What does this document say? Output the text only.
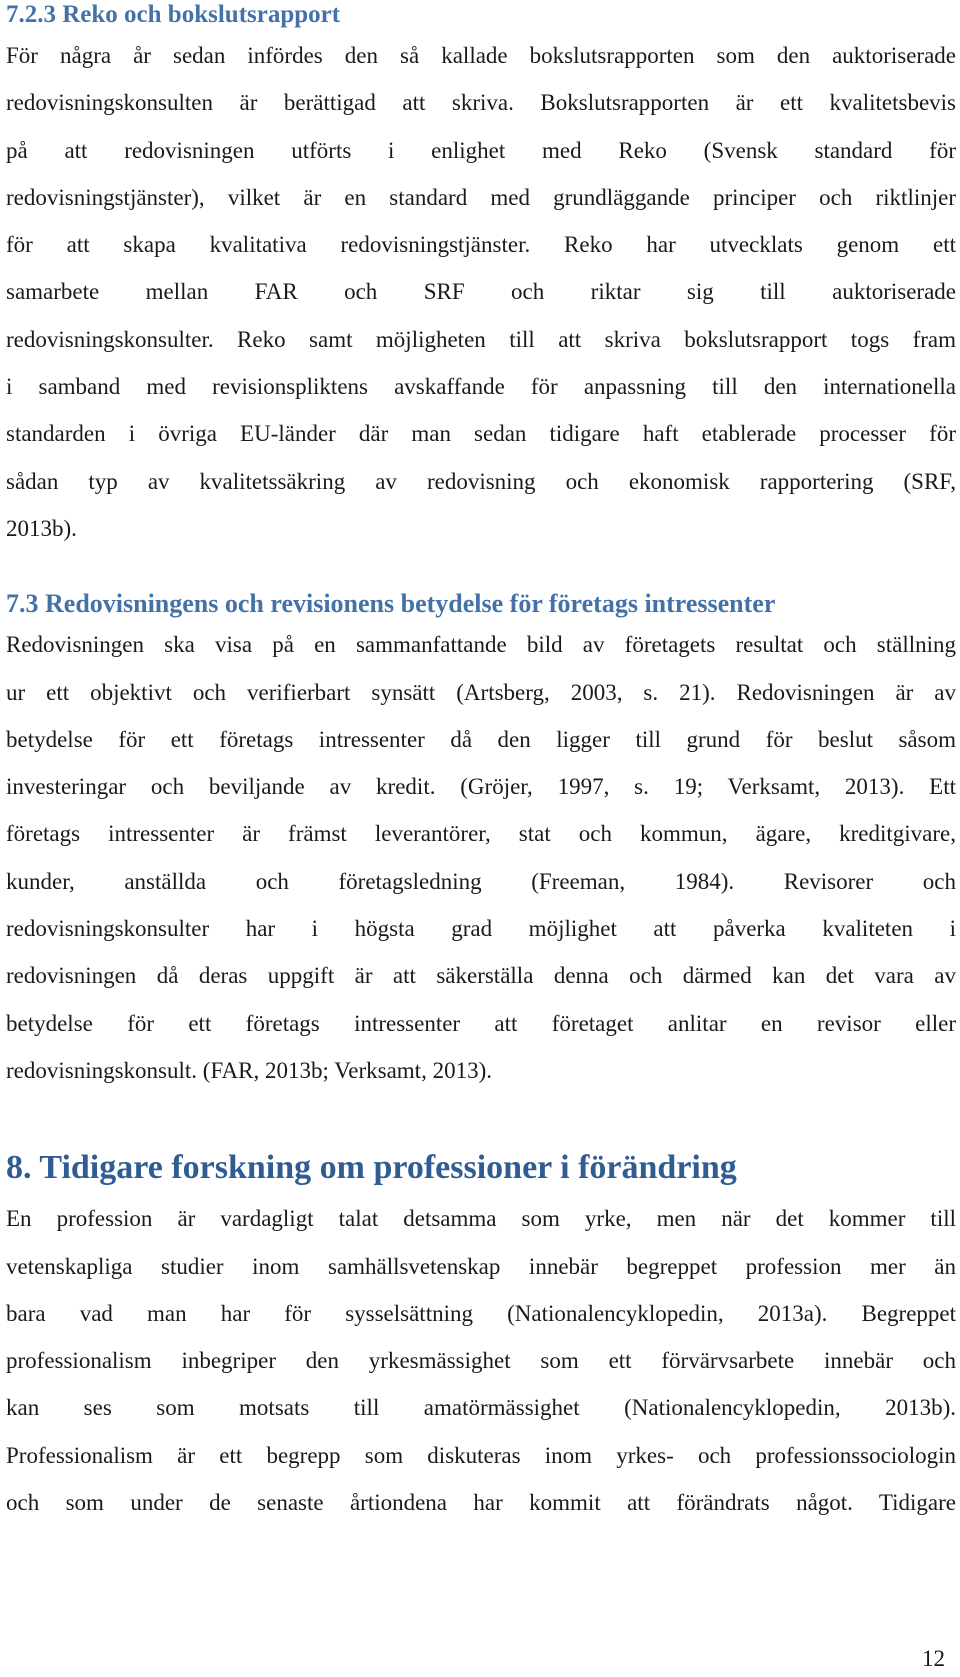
7.2.3 Reko och bokslutsrapport
För några år sedan infördes den så kallade bokslutsrapporten som den auktoriserade
redovisningskonsulten är berättigad att skriva. Bokslutsrapporten är ett kvalitetsbevis
på att redovisningen utförts i enlighet med Reko (Svensk standard för
redovisningstjänster), vilket är en standard med grundläggande principer och riktlinjer
för att skapa kvalitativa redovisningstjänster. Reko har utvecklats genom ett
samarbete mellan FAR och SRF och riktar sig till auktoriserade
redovisningskonsulter. Reko samt möjligheten till att skriva bokslutsrapport togs fram
i samband med revisionspliktens avskaffande för anpassning till den internationella
standarden i övriga EU-länder där man sedan tidigare haft etablerade processer för
sådan typ av kvalitetssäkring av redovisning och ekonomisk rapportering (SRF,
2013b).
7.3 Redovisningens och revisionens betydelse för företags intressenter
Redovisningen ska visa på en sammanfattande bild av företagets resultat och ställning
ur ett objektivt och verifierbart synsätt (Artsberg, 2003, s. 21). Redovisningen är av
betydelse för ett företags intressenter då den ligger till grund för beslut såsom
investeringar och beviljande av kredit. (Gröjer, 1997, s. 19; Verksamt, 2013). Ett
företags intressenter är främst leverantörer, stat och kommun, ägare, kreditgivare,
kunder, anställda och företagsledning (Freeman, 1984). Revisorer och
redovisningskonsulter har i högsta grad möjlighet att påverka kvaliteten i
redovisningen då deras uppgift är att säkerställa denna och därmed kan det vara av
betydelse för ett företags intressenter att företaget anlitar en revisor eller
redovisningskonsult. (FAR, 2013b; Verksamt, 2013).
8. Tidigare forskning om professioner i förändring
En profession är vardagligt talat detsamma som yrke, men när det kommer till
vetenskapliga studier inom samhällsvetenskap innebär begreppet profession mer än
bara vad man har för sysselsättning (Nationalencyklopedin, 2013a). Begreppet
professionalism inbegriper den yrkesmässighet som ett förvärvsarbete innebär och
kan ses som motsats till amatörmässighet (Nationalencyklopedin, 2013b).
Professionalism är ett begrepp som diskuteras inom yrkes- och professionssociologin
och som under de senaste årtiondena har kommit att förändrats något. Tidigare
12
